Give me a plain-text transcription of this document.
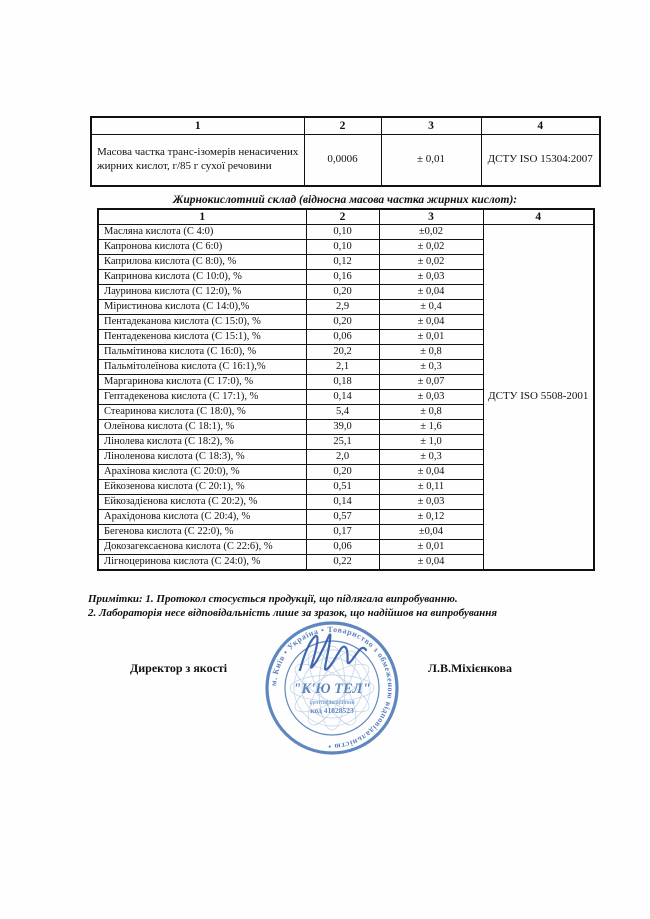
1	2	3	4
Масова частка транс-ізомерів ненасичених жирних кислот, г/85 г сухої речовини	0,0006	± 0,01	ДСТУ ISO 15304:2007
Жирнокислотний склад (відносна масова частка жирних кислот):
1	2	3	4
Масляна кислота (С 4:0)	0,10	±0,02	ДСТУ ISO 5508-2001
Капронова кислота (С 6:0)	0,10	± 0,02	
Каприлова кислота (С 8:0), %	0,12	± 0,02	
Капринова кислота (С 10:0), %	0,16	± 0,03	
Лауринова кислота (С 12:0), %	0,20	± 0,04	
Міристинова кислота (С 14:0),%	2,9	± 0,4	
Пентадеканова кислота (С 15:0), %	0,20	± 0,04	
Пентадекенова кислота (С 15:1), %	0,06	± 0,01	
Пальмітинова кислота (С 16:0), %	20,2	± 0,8	
Пальмітолеїнова кислота (С 16:1),%	2,1	± 0,3	
Маргаринова кислота (С 17:0), %	0,18	± 0,07	
Гептадекенова кислота (С 17:1), %	0,14	± 0,03	
Стеаринова кислота (С 18:0), %	5,4	± 0,8	
Олеїнова кислота (С 18:1), %	39,0	± 1,6	
Лінолева кислота (С 18:2), %	25,1	± 1,0	
Ліноленова кислота (С 18:3), %	2,0	± 0,3	
Арахінова кислота (С 20:0), %	0,20	± 0,04	
Ейкозенова кислота (С 20:1), %	0,51	± 0,11	
Ейкозадієнова кислота (С 20:2), %	0,14	± 0,03	
Арахідонова кислота (С 20:4), %	0,57	± 0,12	
Бегенова кислота (С 22:0), %	0,17	±0,04	
Докозагексаєнова кислота (С 22:6), %	0,06	± 0,01	
Лігноцеринова кислота (С 24:0), %	0,22	± 0,04	
Примітки: 1. Протокол стосується продукції, що підлягала випробуванню.
2. Лабораторія несе відповідальність лише за зразок, що надійшов на випробування
Директор з якості	Л.В.Міхієнкова
м. Київ • Україна • Товариство з обмеженою відповідальністю •
"К'Ю ТЕЛ"
ідентифікаційний
код 41828523
